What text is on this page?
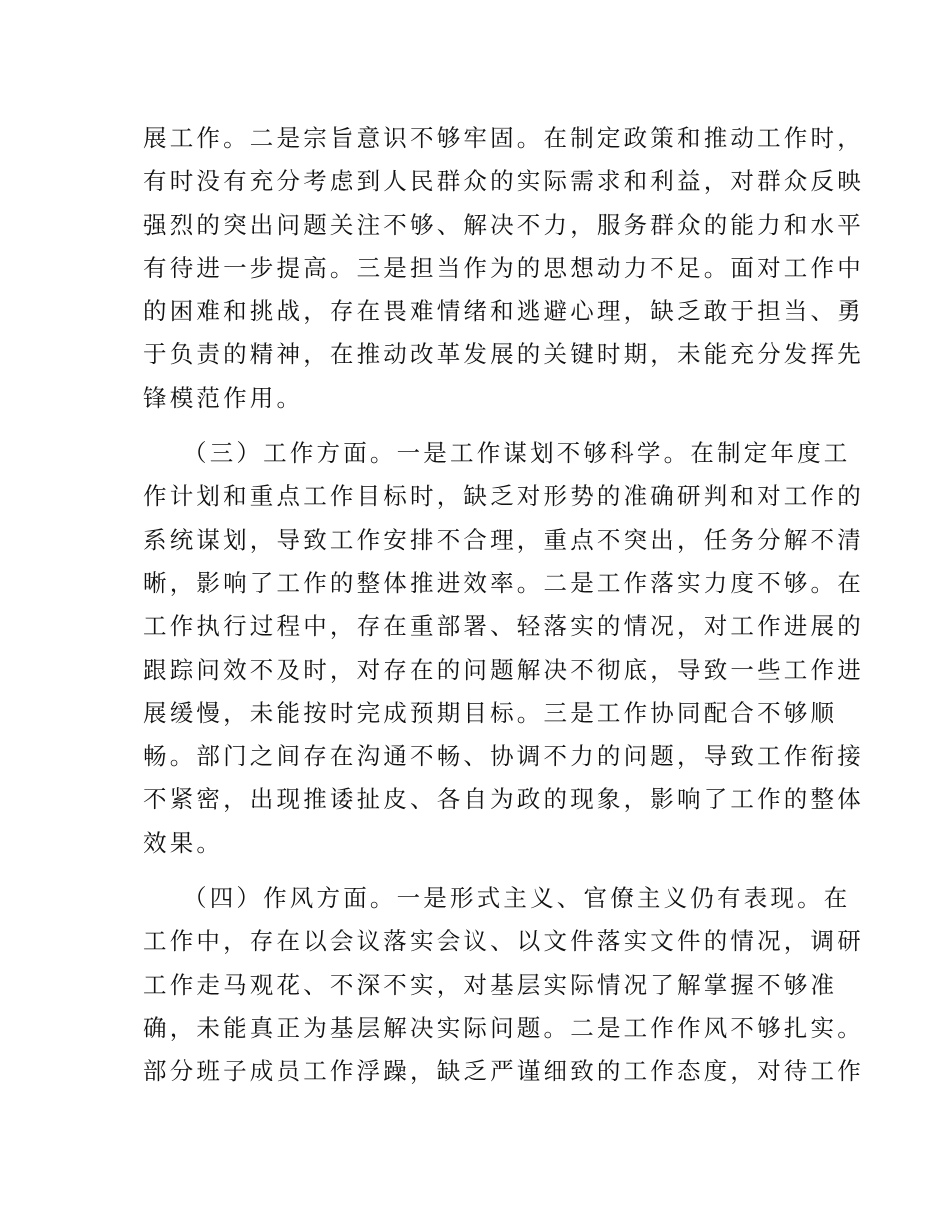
展工作。二是宗旨意识不够牢固。在制定政策和推动工作时，
有时没有充分考虑到人民群众的实际需求和利益，对群众反映
强烈的突出问题关注不够、解决不力，服务群众的能力和水平
有待进一步提高。三是担当作为的思想动力不足。面对工作中
的困难和挑战，存在畏难情绪和逃避心理，缺乏敢于担当、勇
于负责的精神，在推动改革发展的关键时期，未能充分发挥先
锋模范作用。
（三）工作方面。一是工作谋划不够科学。在制定年度工
作计划和重点工作目标时，缺乏对形势的准确研判和对工作的
系统谋划，导致工作安排不合理，重点不突出，任务分解不清
晰，影响了工作的整体推进效率。二是工作落实力度不够。在
工作执行过程中，存在重部署、轻落实的情况，对工作进展的
跟踪问效不及时，对存在的问题解决不彻底，导致一些工作进
展缓慢，未能按时完成预期目标。三是工作协同配合不够顺
畅。部门之间存在沟通不畅、协调不力的问题，导致工作衔接
不紧密，出现推诿扯皮、各自为政的现象，影响了工作的整体
效果。
（四）作风方面。一是形式主义、官僚主义仍有表现。在
工作中，存在以会议落实会议、以文件落实文件的情况，调研
工作走马观花、不深不实，对基层实际情况了解掌握不够准
确，未能真正为基层解决实际问题。二是工作作风不够扎实。
部分班子成员工作浮躁，缺乏严谨细致的工作态度，对待工作
